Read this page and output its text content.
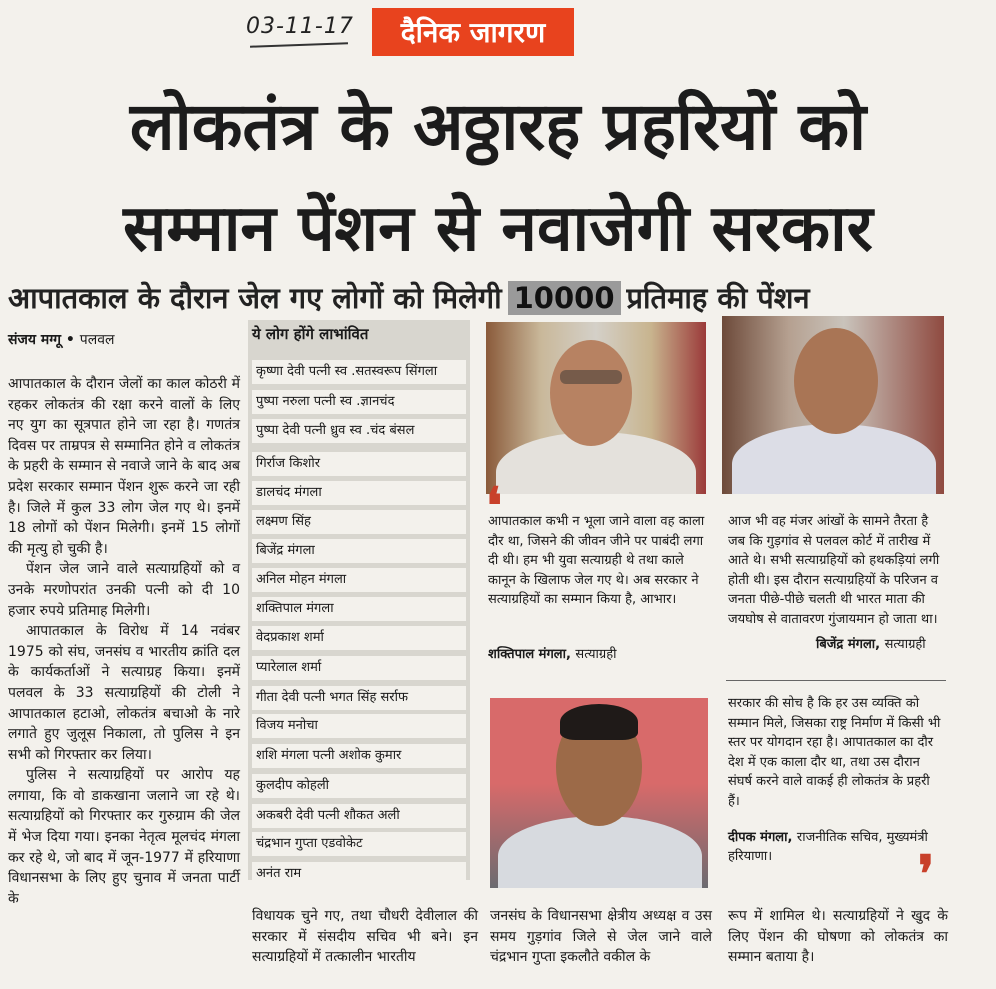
03-11-17	दैनिक जागरण
लोकतंत्र के अठ्ठारह प्रहरियों को
सम्मान पेंशन से नवाजेगी सरकार
आपातकाल के दौरान जेल गए लोगों को मिलेगी 10000 प्रतिमाह की पेंशन
संजय मग्गू • पलवल

आपातकाल के दौरान जेलों का काल कोठरी में रहकर लोकतंत्र की रक्षा करने वालों के लिए नए युग का सूत्रपात होने जा रहा है। गणतंत्र दिवस पर ताम्रपत्र से सम्मानित होने व लोकतंत्र के प्रहरी के सम्मान से नवाजे जाने के बाद अब प्रदेश सरकार सम्मान पेंशन शुरू करने जा रही है। जिले में कुल 33 लोग जेल गए थे। इनमें 18 लोगों को पेंशन मिलेगी। इनमें 15 लोगों की मृत्यु हो चुकी है।

पेंशन जेल जाने वाले सत्याग्रहियों को व उनके मरणोपरांत उनकी पत्नी को दी 10 हजार रुपये प्रतिमाह मिलेगी।

आपातकाल के विरोध में 14 नवंबर 1975 को संघ, जनसंघ व भारतीय क्रांति दल के कार्यकर्ताओं ने सत्याग्रह किया। इनमें पलवल के 33 सत्याग्रहियों की टोली ने आपातकाल हटाओ, लोकतंत्र बचाओ के नारे लगाते हुए जुलूस निकाला, तो पुलिस ने इन सभी को गिरफ्तार कर लिया।

पुलिस ने सत्याग्रहियों पर आरोप यह लगाया, कि वो डाकखाना जलाने जा रहे थे। सत्याग्रहियों को गिरफ्तार कर गुरुग्राम की जेल में भेज दिया गया। इनका नेतृत्व मूलचंद मंगला कर रहे थे, जो बाद में जून-1977 में हरियाणा विधानसभा के लिए हुए चुनाव में जनता पार्टी के

ये लोग होंगे लाभांवित
कृष्णा देवी पत्नी स्व .सतस्वरूप सिंगला
पुष्पा नरुला पत्नी स्व .ज्ञानचंद
पुष्पा देवी पत्नी ध्रुव स्व .चंद बंसल
गिर्राज किशोर
डालचंद मंगला
लक्ष्मण सिंह
बिजेंद्र मंगला
अनिल मोहन मंगला
शक्तिपाल मंगला
वेदप्रकाश शर्मा
प्यारेलाल शर्मा
गीता देवी पत्नी भगत सिंह सर्राफ
विजय मनोचा
शशि मंगला पत्नी अशोक कुमार
कुलदीप कोहली
अकबरी देवी पत्नी शौकत अली
चंद्रभान गुप्ता एडवोकेट
अनंत राम
❛
आपातकाल कभी न भूला जाने वाला वह काला दौर था, जिसने की जीवन जीने पर पाबंदी लगा दी थी। हम भी युवा सत्याग्रही थे तथा काले कानून के खिलाफ जेल गए थे। अब सरकार ने सत्याग्रहियों का सम्मान किया है, आभार।
शक्तिपाल मंगला, सत्याग्रही
आज भी वह मंजर आंखों के सामने तैरता है जब कि गुड़गांव से पलवल कोर्ट में तारीख में आते थे। सभी सत्याग्रहियों को हथकड़ियां लगी होती थी। इस दौरान सत्याग्रहियों के परिजन व जनता पीछे-पीछे चलती थी भारत माता की जयघोष से वातावरण गुंजायमान हो जाता था।
बिजेंद्र मंगला, सत्याग्रही
सरकार की सोच है कि हर उस व्यक्ति को सम्मान मिले, जिसका राष्ट्र निर्माण में किसी भी स्तर पर योगदान रहा है। आपातकाल का दौर देश में एक काला दौर था, तथा उस दौरान संघर्ष करने वाले वाकई ही लोकतंत्र के प्रहरी हैं।
दीपक मंगला, राजनीतिक सचिव, मुख्यमंत्री हरियाणा।	❜
विधायक चुने गए, तथा चौधरी देवीलाल की सरकार में संसदीय सचिव भी बने। इन सत्याग्रहियों में तत्कालीन भारतीय
जनसंघ के विधानसभा क्षेत्रीय अध्यक्ष व उस समय गुड़गांव जिले से जेल जाने वाले चंद्रभान गुप्ता इकलौते वकील के
रूप में शामिल थे। सत्याग्रहियों ने खुद के लिए पेंशन की घोषणा को लोकतंत्र का सम्मान बताया है।
